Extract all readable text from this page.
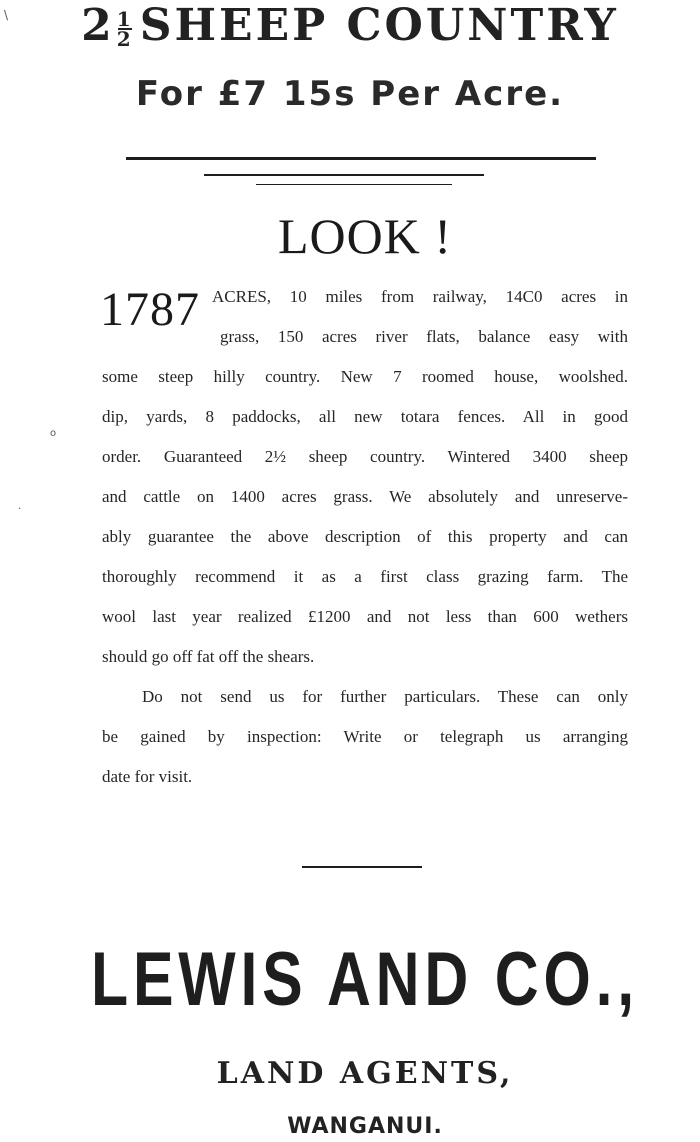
$2 \frac{1}{2}$ SHEEP COUNTRY
For £7 15s Per Acre.
LOOK !
1787 ACRES, 10 miles from railway, 14C0 acres in
grass, 150 acres river flats, balance easy with
some steep hilly country. New 7 roomed house, woolshed.
dip, yards, 8 paddocks, all new totara fences. All in good
order. Guaranteed 2½ sheep country. Wintered 3400 sheep
and cattle on 1400 acres grass. We absolutely and unreserve-
ably guarantee the above description of this property and can
thoroughly recommend it as a first class grazing farm. The
wool last year realized £1200 and not less than 600 wethers
should go off fat off the shears.
Do not send us for further particulars. These can only
be gained by inspection: Write or telegraph us arranging
date for visit.
LEWIS AND CO.,
LAND AGENTS,
WANGANUI.
\
o
·
